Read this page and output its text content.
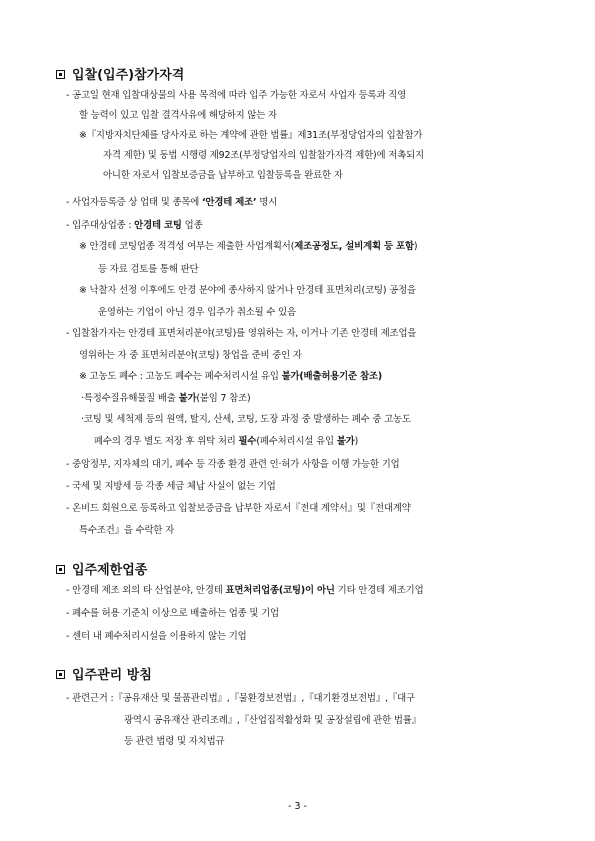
입찰(입주)참가자격
- 공고일 현재 입찰대상물의 사용 목적에 따라 입주 가능한 자로서 사업자 등록과 직영
할 능력이 있고 입찰 결격사유에 해당하지 않는 자
※『지방자치단체를 당사자로 하는 계약에 관한 법률』제31조(부정당업자의 입찰참가
자격 제한) 및 동법 시행령 제92조(부정당업자의 입찰참가자격 제한)에 저촉되지
아니한 자로서 입찰보증금을 납부하고 입찰등록을 완료한 자
- 사업자등록증 상 업태 및 종목에 ‘안경테 제조’ 명시
- 입주대상업종 : 안경테 코팅 업종
※ 안경테 코팅업종 적격성 여부는 제출한 사업계획서(제조공정도, 설비계획 등 포함)
등 자료 검토를 통해 판단
※ 낙찰자 선정 이후에도 안경 분야에 종사하지 않거나 안경테 표면처리(코팅) 공정을
운영하는 기업이 아닌 경우 입주가 취소될 수 있음
- 입찰참가자는 안경테 표면처리분야(코팅)를 영위하는 자, 이거나 기존 안경테 제조업을
영위하는 자 중 표면처리분야(코팅) 창업을 준비 중인 자
※ 고농도 폐수 : 고농도 폐수는 폐수처리시설 유입 불가(배출허용기준 참조)
·특정수질유해물질 배출 불가(붙임 7 참조)
·코팅 및 세척제 등의 원액, 탈지, 산세, 코팅, 도장 과정 중 발생하는 폐수 중 고농도
폐수의 경우 별도 저장 후 위탁 처리 필수(폐수처리시설 유입 불가)
- 중앙정부, 지자체의 대기, 폐수 등 각종 환경 관련 인·허가 사항을 이행 가능한 기업
- 국세 및 지방세 등 각종 세금 체납 사실이 없는 기업
- 온비드 회원으로 등록하고 입찰보증금을 납부한 자로서『전대 계약서』및『전대계약
특수조건』을 수락한 자
입주제한업종
- 안경테 제조 외의 타 산업분야, 안경테 표면처리업종(코팅)이 아닌 기타 안경테 제조기업
- 폐수를 허용 기준치 이상으로 배출하는 업종 및 기업
- 센터 내 폐수처리시설을 이용하지 않는 기업
입주관리 방침
- 관련근거 :『공유재산 및 물품관리법』,『물환경보전법』,『대기환경보전법』,『대구
광역시 공유재산 관리조례』,『산업집적활성화 및 공장설립에 관한 법률』
등 관련 법령 및 자치법규
- 3 -
